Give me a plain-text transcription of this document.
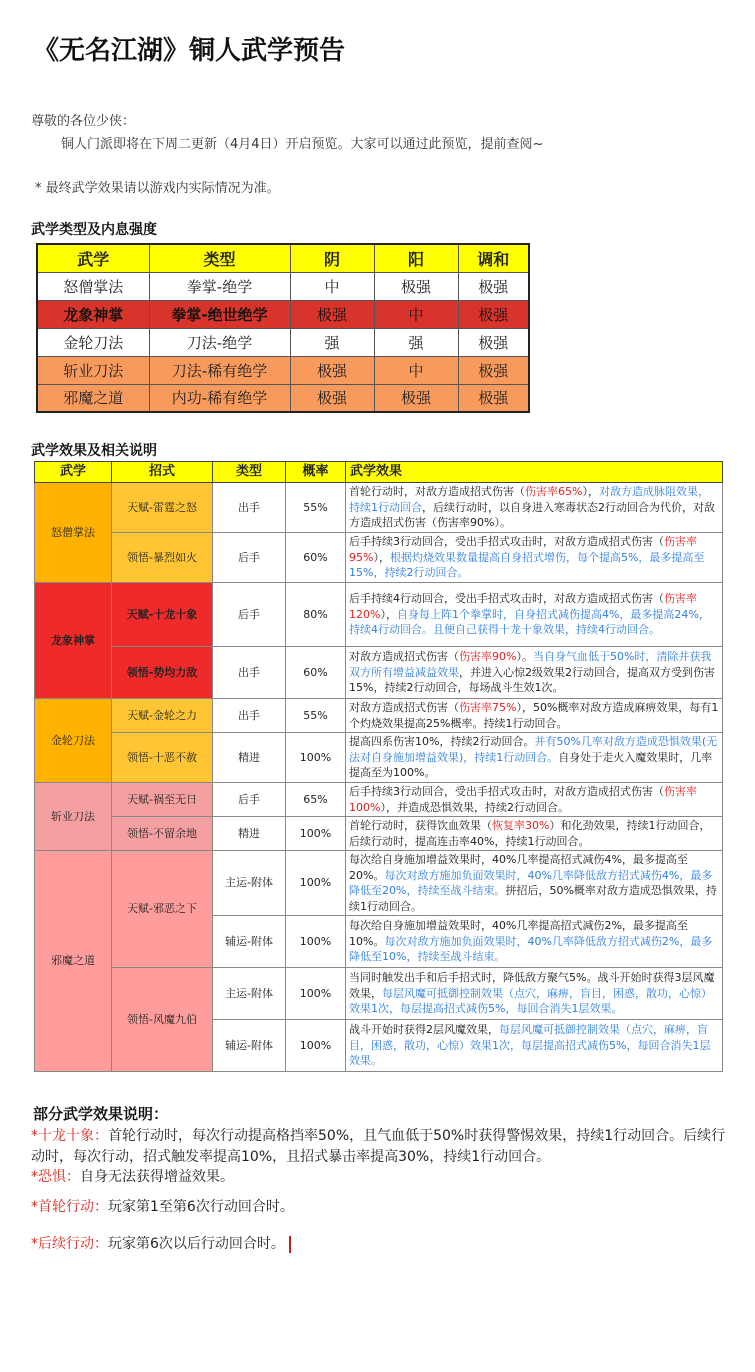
《无名江湖》铜人武学预告
尊敬的各位少侠：
铜人门派即将在下周二更新（4月4日）开启预览。大家可以通过此预览，提前查阅~
* 最终武学效果请以游戏内实际情况为准。
武学类型及内息强度
武学	类型	阴	阳	调和
怒僧掌法	拳掌-绝学	中	极强	极强
龙象神掌	拳掌-绝世绝学	极强	中	极强
金轮刀法	刀法-绝学	强	强	极强
斩业刀法	刀法-稀有绝学	极强	中	极强
邪魔之道	内功-稀有绝学	极强	极强	极强
武学效果及相关说明
武学	招式	类型	概率	武学效果
怒僧掌法	天赋-雷霆之怒	出手	55%	首轮行动时，对敌方造成招式伤害（伤害率65%），对敌方造成脉阻效果，持续1行动回合，后续行动时，以自身进入寒毒状态2行动回合为代价，对敌方造成招式伤害（伤害率90%）。
	领悟-暴烈如火	后手	60%	后手持续3行动回合，受出手招式攻击时，对敌方造成招式伤害（伤害率95%），根据灼烧效果数量提高自身招式增伤，每个提高5%，最多提高至15%，持续2行动回合。
龙象神掌	天赋-十龙十象	后手	80%	后手持续4行动回合，受出手招式攻击时，对敌方造成招式伤害（伤害率120%），自身每上阵1个拳掌时，自身招式减伤提高4%，最多提高24%，持续4行动回合。且便自己获得十龙十象效果，持续4行动回合。
	领悟-势均力敌	出手	60%	对敌方造成招式伤害（伤害率90%）。当自身气血低于50%时，清除并获我双方所有增益减益效果，并进入心惊2级效果2行动回合，提高双方受到伤害15%，持续2行动回合，每场战斗生效1次。
金轮刀法	天赋-金轮之力	出手	55%	对敌方造成招式伤害（伤害率75%），50%概率对敌方造成麻痹效果，每有1个灼烧效果提高25%概率。持续1行动回合。
	领悟-十恶不赦	精进	100%	提高四系伤害10%，持续2行动回合。并有50%几率对敌方造成恐惧效果(无法对自身施加增益效果)，持续1行动回合。自身处于走火入魔效果时，几率提高至为100%。
斩业刀法	天赋-祸至无日	后手	65%	后手持续3行动回合，受出手招式攻击时，对敌方造成招式伤害（伤害率100%），并造成恐惧效果，持续2行动回合。
	领悟-不留余地	精进	100%	首轮行动时，获得饮血效果（恢复率30%）和化劲效果，持续1行动回合，后续行动时，提高连击率40%，持续1行动回合。
邪魔之道	天赋-邪恶之下	主运-附体	100%	每次给自身施加增益效果时，40%几率提高招式减伤4%，最多提高至20%。每次对敌方施加负面效果时，40%几率降低敌方招式减伤4%，最多降低至20%，持续至战斗结束。拼招后，50%概率对敌方造成恐惧效果，持续1行动回合。
		辅运-附体	100%	每次给自身施加增益效果时，40%几率提高招式减伤2%，最多提高至10%。每次对敌方施加负面效果时，40%几率降低敌方招式减伤2%，最多降低至10%，持续至战斗结束。
	领悟-风魔九伯	主运-附体	100%	当同时触发出手和后手招式时，降低敌方聚气5%。战斗开始时获得3层风魔效果，每层风魔可抵御控制效果（点穴，麻痹，盲目，困惑，散功，心惊）效果1次，每层提高招式减伤5%，每回合消失1层效果。
		辅运-附体	100%	战斗开始时获得2层风魔效果，每层风魔可抵御控制效果（点穴，麻痹，盲目，困惑，散功，心惊）效果1次，每层提高招式减伤5%，每回合消失1层效果。
部分武学效果说明：
*十龙十象：首轮行动时，每次行动提高格挡率50%，且气血低于50%时获得警惕效果，持续1行动回合。后续行动时，每次行动，招式触发率提高10%，且招式暴击率提高30%，持续1行动回合。
*恐惧：自身无法获得增益效果。
*首轮行动：玩家第1至第6次行动回合时。
*后续行动：玩家第6次以后行动回合时。
